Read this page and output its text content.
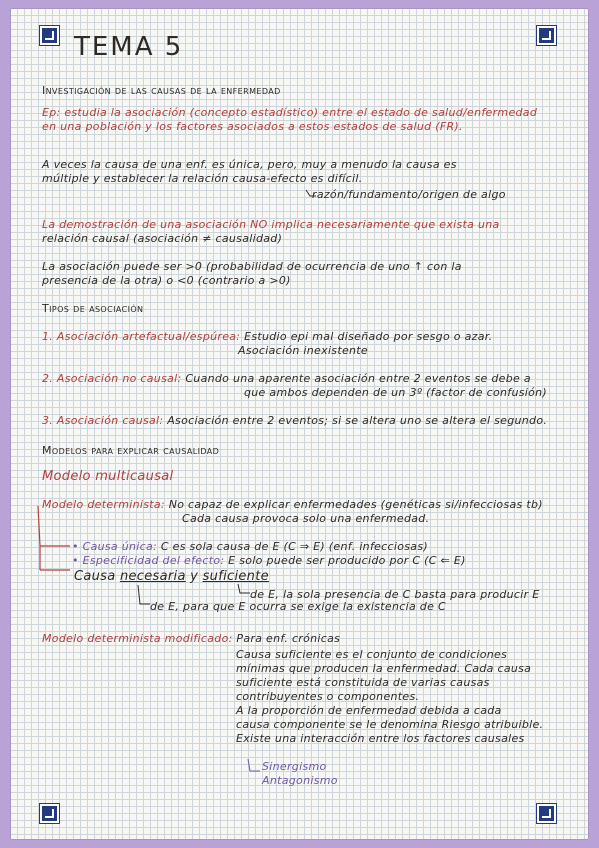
TEMA 5
Investigación de las causas de la enfermedad
Ep: estudia la asociación (concepto estadístico) entre el estado de salud/enfermedad
en una población y los factores asociados a estos estados de salud (FR).
A veces la causa de una enf. es única, pero, muy a menudo la causa es
múltiple y establecer la relación causa-efecto es difícil.
razón/fundamento/origen de algo
La demostración de una asociación NO implica necesariamente que exista una
relación causal (asociación ≠ causalidad)
La asociación puede ser >0 (probabilidad de ocurrencia de uno ↑ con la
presencia de la otra) o <0 (contrario a >0)
Tipos de asociación
1. Asociación artefactual/espúrea: Estudio epi mal diseñado por sesgo o azar.
Asociación inexistente
2. Asociación no causal: Cuando una aparente asociación entre 2 eventos se debe a
que ambos dependen de un 3º (factor de confusión)
3. Asociación causal: Asociación entre 2 eventos; si se altera uno se altera el segundo.
Modelos para explicar causalidad
Modelo multicausal
Modelo determinista: No capaz de explicar enfermedades (genéticas si/infecciosas tb)
Cada causa provoca solo una enfermedad.
• Causa única: C es sola causa de E (C ⇒ E) (enf. infecciosas)
• Especificidad del efecto: E solo puede ser producido por C (C ⇐ E)
Causa necesaria y suficiente
de E, la sola presencia de C basta para producir E
de E, para que E ocurra se exige la existencia de C
Modelo determinista modificado: Para enf. crónicas
Causa suficiente es el conjunto de condiciones
mínimas que producen la enfermedad. Cada causa
suficiente está constituida de varias causas
contribuyentes o componentes.
A la proporción de enfermedad debida a cada
causa componente se le denomina Riesgo atribuible.
Existe una interacción entre los factores causales
Sinergismo
Antagonismo
